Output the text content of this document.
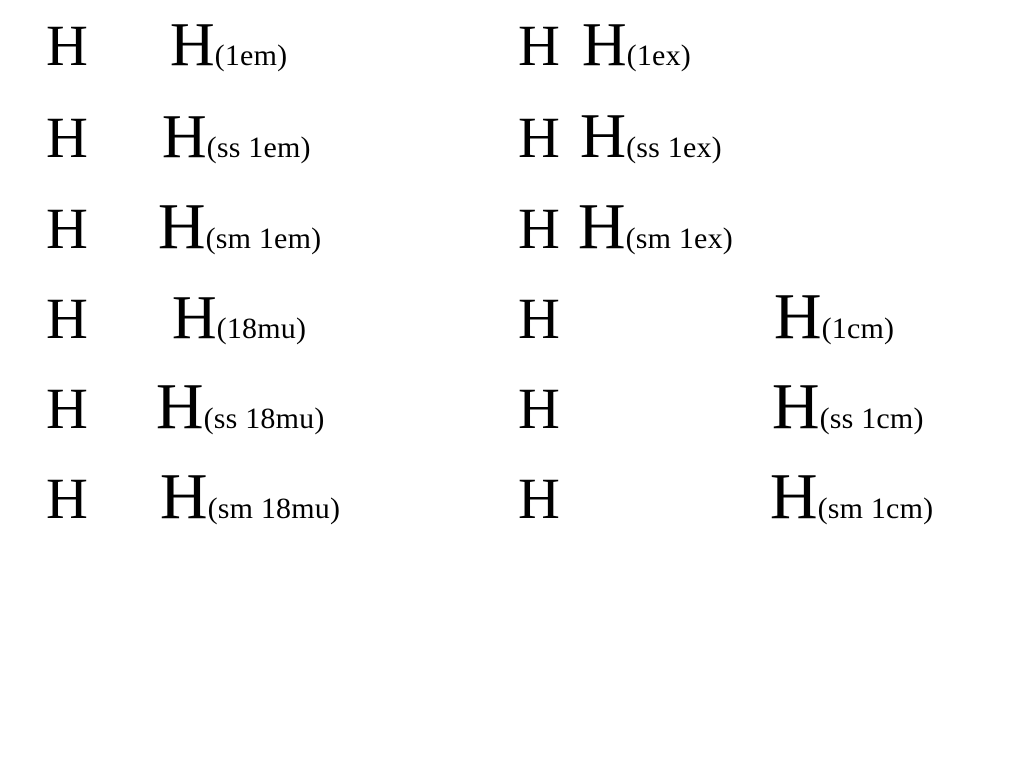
H H (1em)	H H (1ex)
H H (ss 1em)	H H (ss 1ex)
H H (sm 1em)	H H (sm 1ex)
H H (18mu)	H	H (1cm)
H H (ss 18mu)	H	H (ss 1cm)
H H (sm 18mu)	H	H (sm 1cm)
